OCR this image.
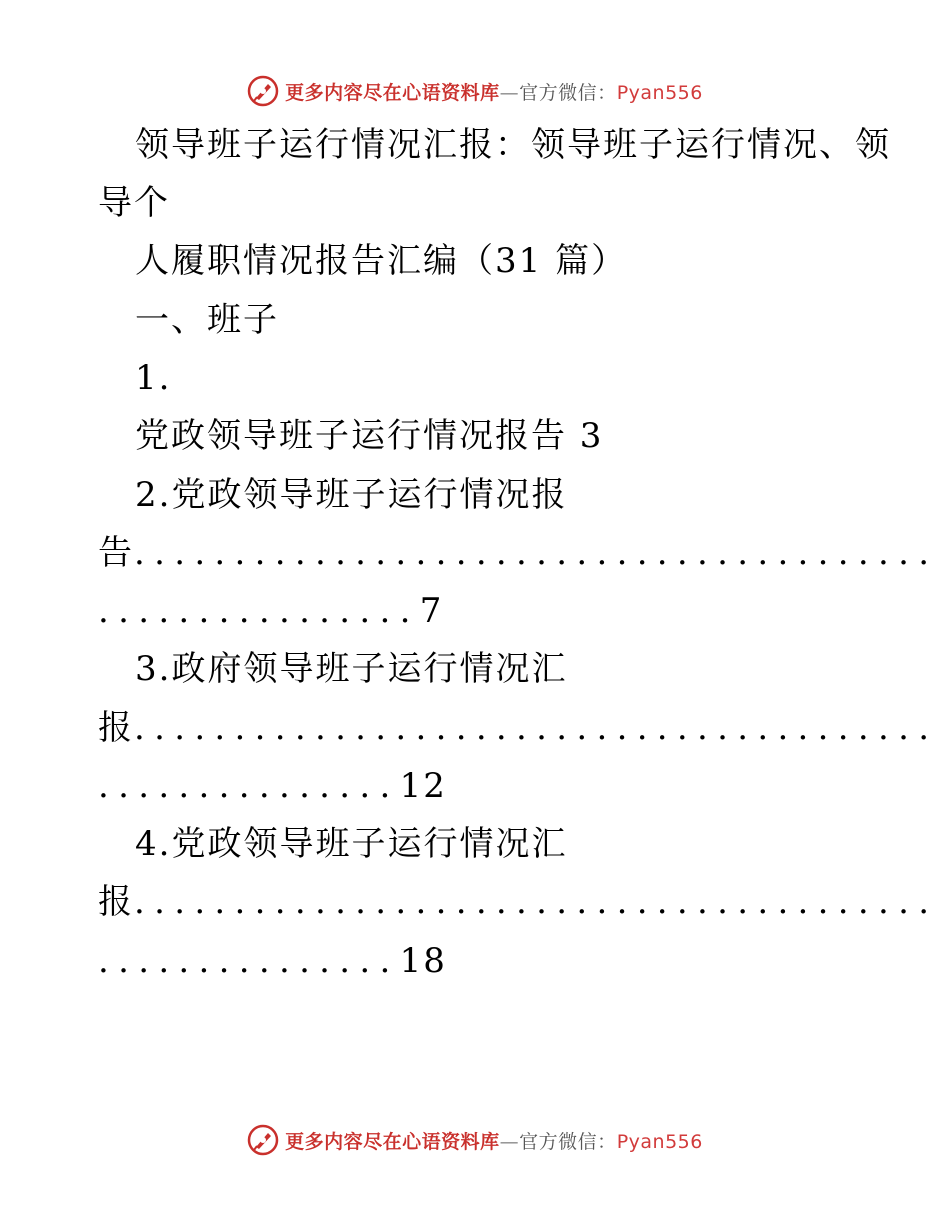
更多内容尽在心语资料库—官方微信：Pyan556
领导班子运行情况汇报：领导班子运行情况、领
导个
人履职情况报告汇编（31 篇）
一、班子
1.
党政领导班子运行情况报告 3
2.党政领导班子运行情况报
告........................................
................7
3.政府领导班子运行情况汇
报........................................
...............12
4.党政领导班子运行情况汇
报........................................
...............18
更多内容尽在心语资料库—官方微信：Pyan556
